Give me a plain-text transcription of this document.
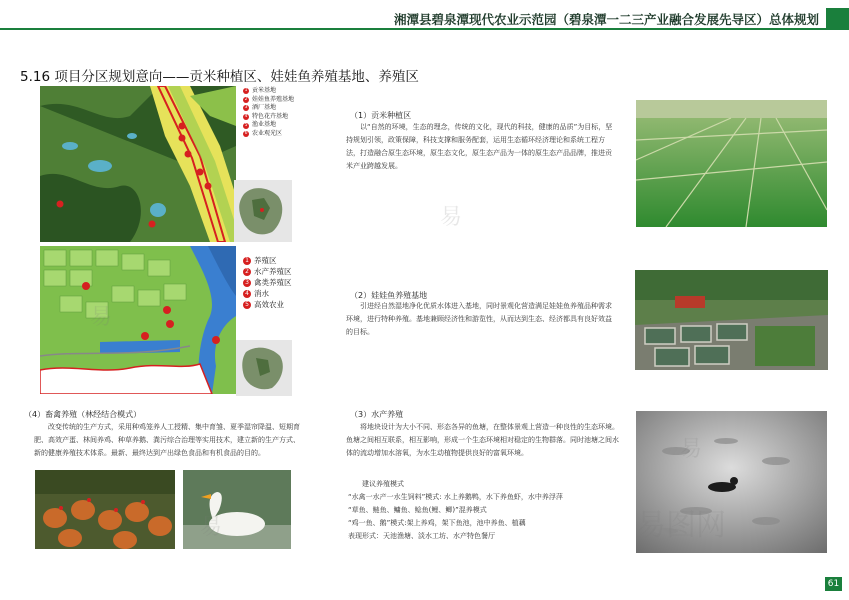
湘潭县碧泉潭现代农业示范园（碧泉潭一二三产业融合发展先导区）总体规划
5.16 项目分区规划意向——贡米种植区、娃娃鱼养殖基地、养殖区
1 贡米基地
2 娃娃鱼养殖基地
3 酒厂基地
4 特色花卉基地
5 渔业基地
6 农业观光区
1 养殖区
2 水产养殖区
3 禽类养殖区
4 消水
5 高效农业
（1）贡米种植区
以“自然的环境，生态的理念，传统的文化，现代的科技，健康的品质”为目标，坚持规划引领，政策保障，科技支撑和服务配套，运用生态循环经济理论和系统工程方法，打造融合原生态环境，原生态文化，原生态产品为一体的原生态产品品牌，推进贡米产业跨越发展。
（2）娃娃鱼养殖基地
引进经自然湿地净化优质水体进入基地，同时景观化营造满足娃娃鱼养殖品种需求环境，进行特种养殖。基地兼顾经济性和游览性，从而达到生态、经济都具有良好效益的目标。
（3）水产养殖
将地块设计为大小不同、形态各异的鱼塘，在整体景观上营造一种良性的生态环境。鱼塘之间相互联系，相互影响，形成一个生态环境相对稳定的生物群落。同时池塘之间水体的流动增加水溶氧，为水生动植物提供良好的富氧环境。
建议养殖模式
“水禽一水产一水生饲料”模式: 水上养鹅鸭，水下养鱼虾，水中养浮萍
“草鱼、鲢鱼、鳙鱼、鲶鱼(鲤、鲫)”混养模式
“鸡一鱼、鹅”模式:架上养鸡，架下鱼池，池中养鱼、植藕
表现形式：天池渔塘、淡水工坊、水产特色餐厅
（4）畜禽养殖（林经结合模式）
改变传统的生产方式，采用种鸡笼养人工授精、集中育雏、夏季湿帘降温、短期育肥、高效产蛋、林间养鸡、种草养鹅、粪污综合治理等实用技术，建立新的生产方式、新的健康养殖技术体系。最新、最终达到产出绿色食品和有机食品的目的。
易
易
易
易	易图网
61
